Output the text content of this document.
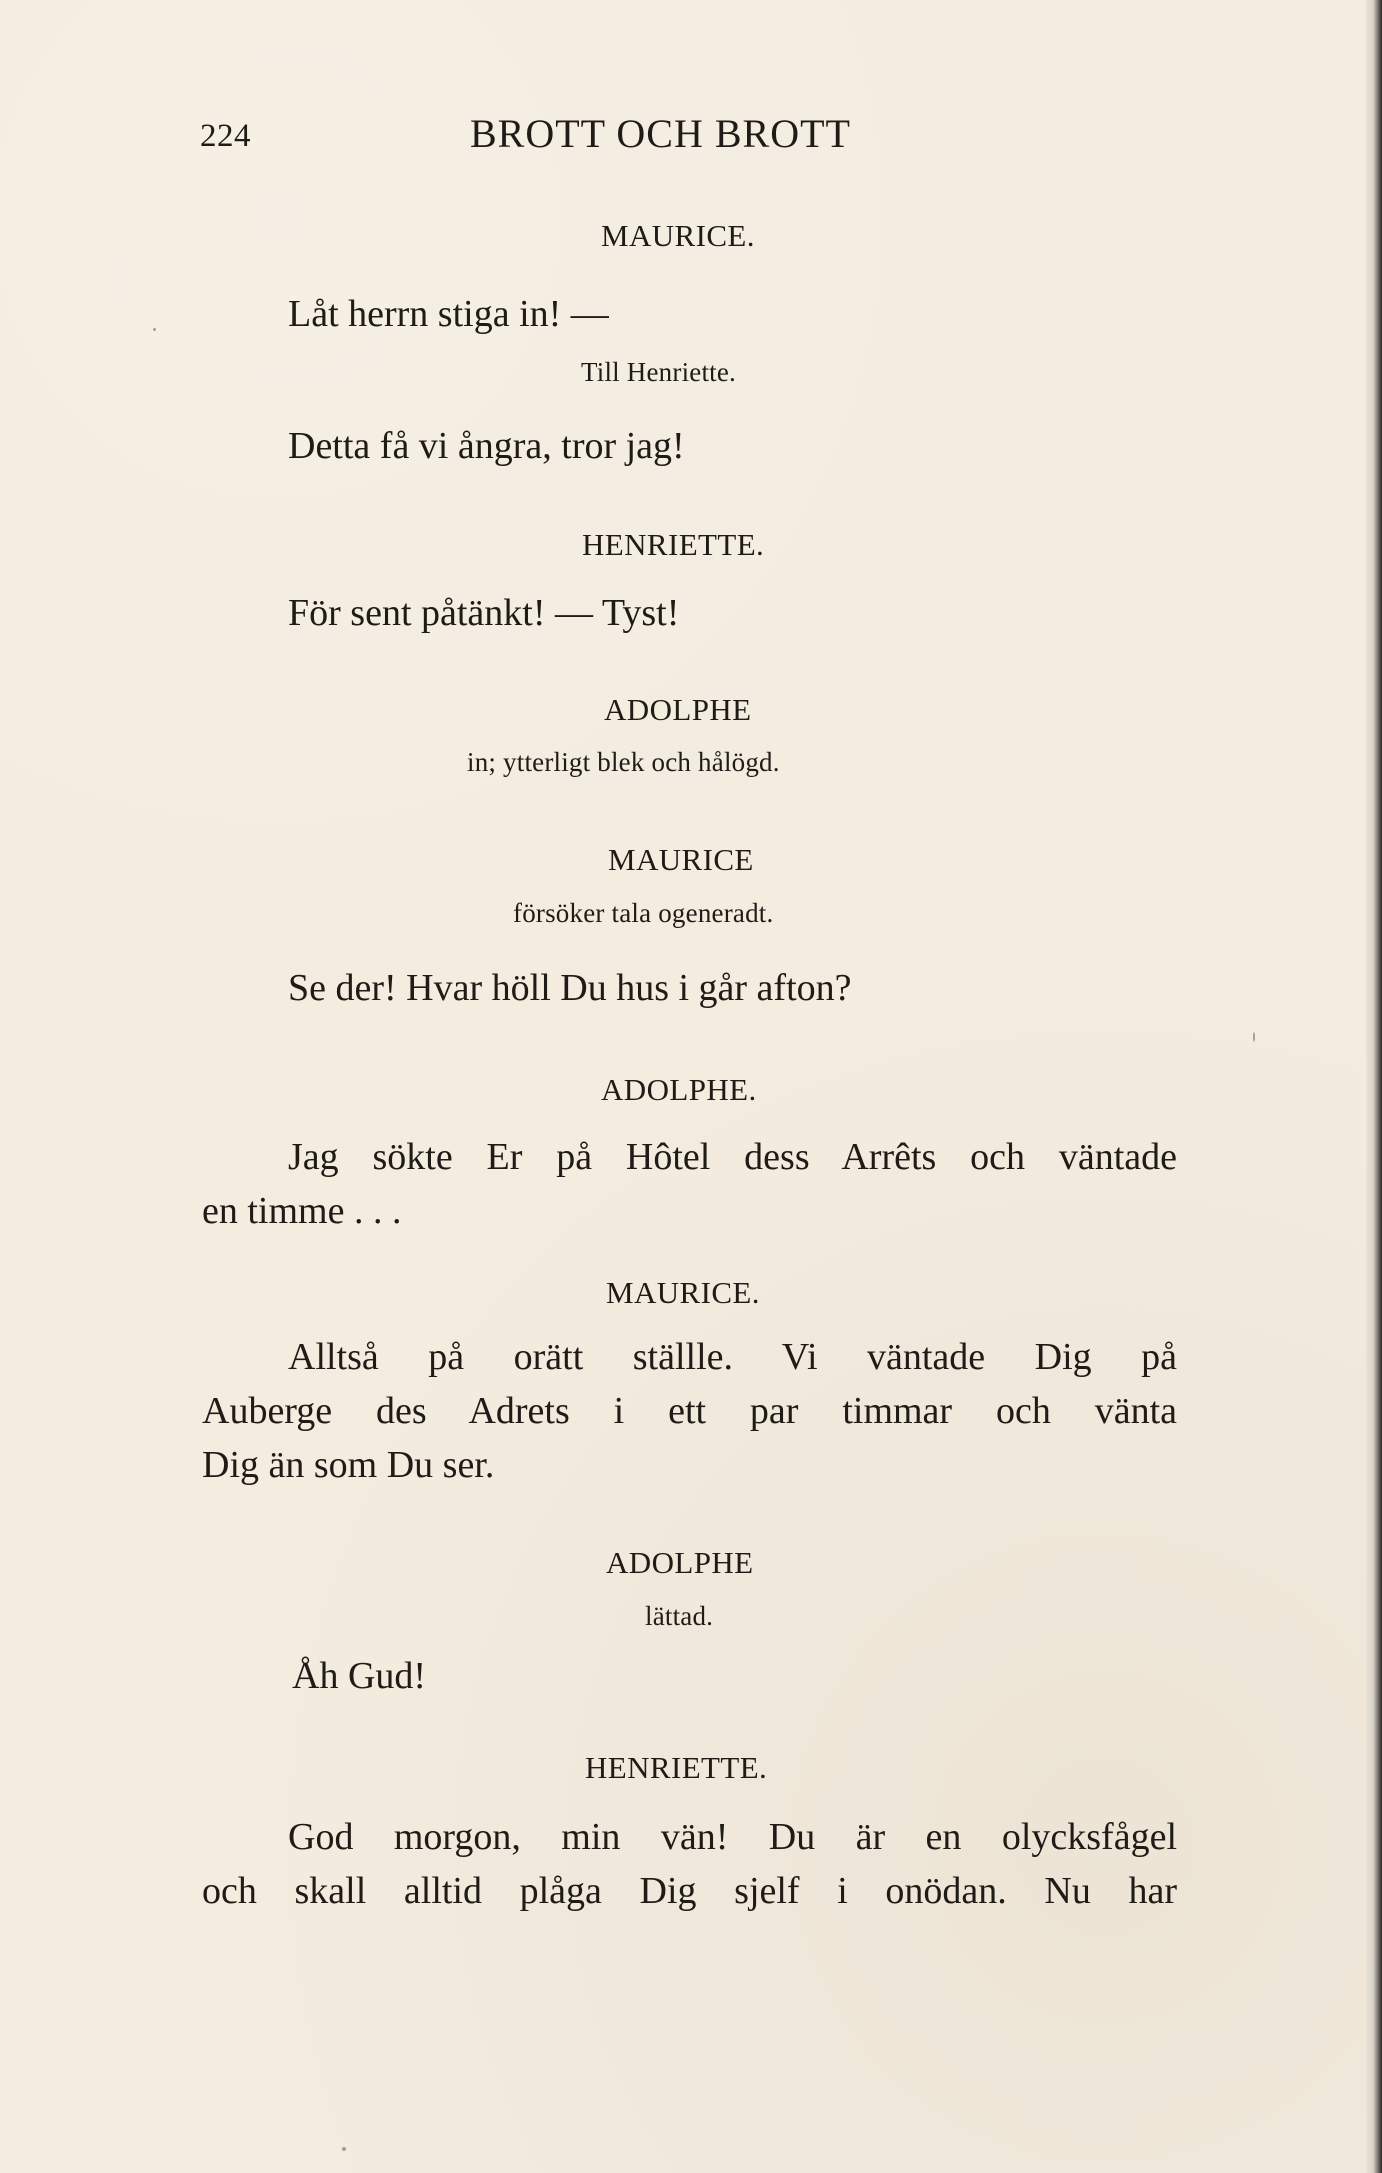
224	BROTT OCH BROTT
MAURICE.
Låt herrn stiga in! —
Till Henriette.
Detta få vi ångra, tror jag!
HENRIETTE.
För sent påtänkt! — Tyst!
ADOLPHE
in; ytterligt blek och hålögd.
MAURICE
försöker tala ogeneradt.
Se der! Hvar höll Du hus i går afton?
ADOLPHE.
Jag sökte Er på Hôtel dess Arrêts och väntade
en timme . . .
MAURICE.
Alltså på orätt ställle. Vi väntade Dig på
Auberge des Adrets i ett par timmar och vänta
Dig än som Du ser.
ADOLPHE
lättad.
Åh Gud!
HENRIETTE.
God morgon, min vän! Du är en olycksfågel
och skall alltid plåga Dig sjelf i onödan. Nu har
